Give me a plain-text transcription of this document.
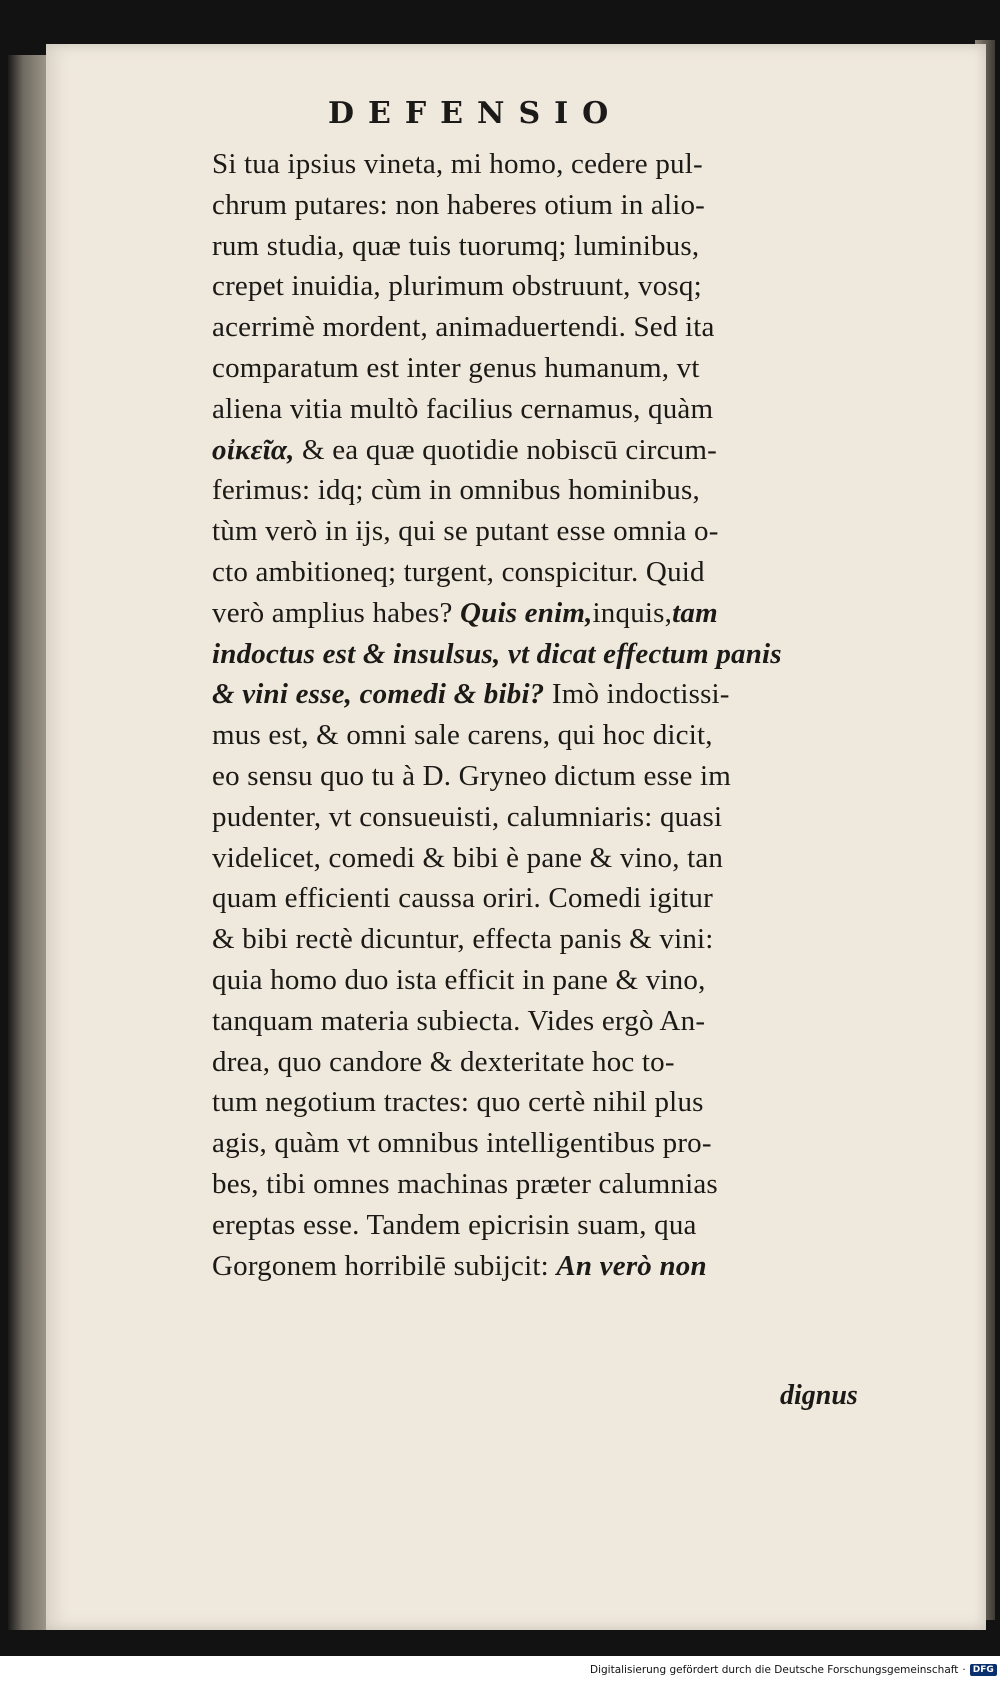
DEFENSIO
Si tua ipsius vineta, mi homo, cedere pul-
chrum putares: non haberes otium in alio-
rum studia, quæ tuis tuorumq; luminibus,
crepet inuidia, plurimum obstruunt, vosq;
acerrimè mordent, animaduertendi. Sed ita
comparatum est inter genus humanum, vt
aliena vitia multò facilius cernamus, quàm
οἰκεῖα, & ea quæ quotidie nobiscū circum-
ferimus: idq; cùm in omnibus hominibus,
tùm verò in ijs, qui se putant esse omnia o-
cto ambitioneq; turgent, conspicitur. Quid
verò amplius habes? Quis enim,inquis,tam
indoctus est & insulsus, vt dicat effectum panis
& vini esse, comedi & bibi? Imò indoctissi-
mus est, & omni sale carens, qui hoc dicit,
eo sensu quo tu à D. Gryneo dictum esse im
pudenter, vt consueuisti, calumniaris: quasi
videlicet, comedi & bibi è pane & vino, tan
quam efficienti caussa oriri. Comedi igitur
& bibi rectè dicuntur, effecta panis & vini:
quia homo duo ista efficit in pane & vino,
tanquam materia subiecta. Vides ergò An-
drea, quo candore & dexteritate hoc to-
tum negotium tractes: quo certè nihil plus
agis, quàm vt omnibus intelligentibus pro-
bes, tibi omnes machinas præter calumnias
ereptas esse. Tandem epicrisin suam, qua
Gorgonem horribilē subijcit: An verò non
dignus
Digitalisierung gefördert durch die Deutsche Forschungsgemeinschaft · DFG
